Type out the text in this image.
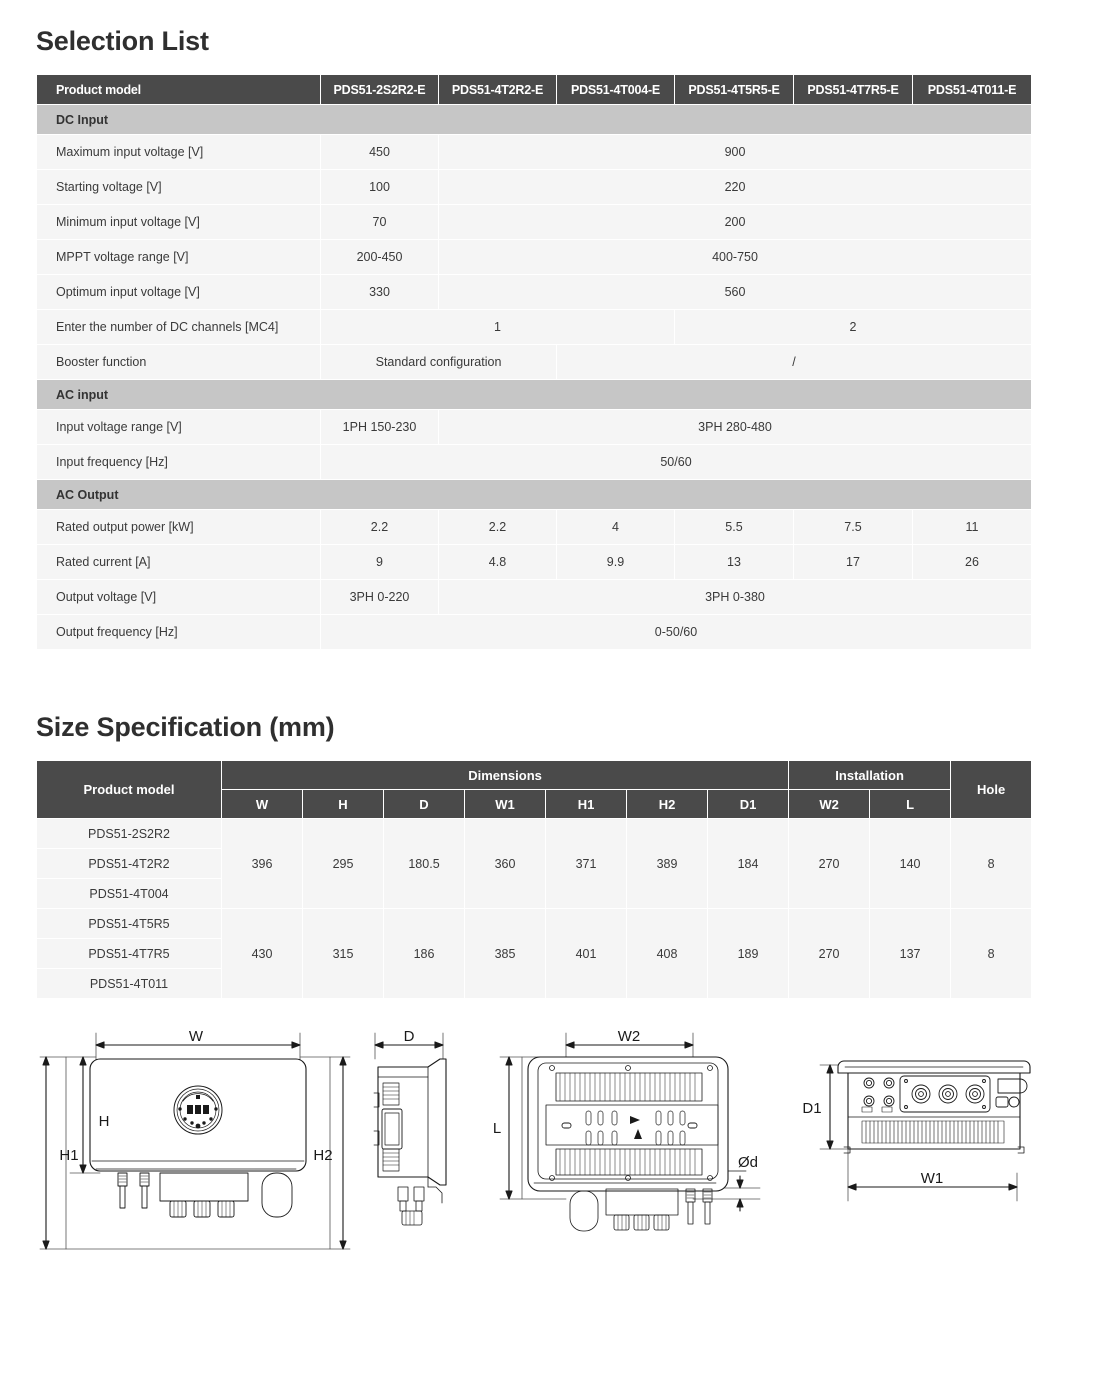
Selection List
Product model	PDS51-2S2R2-E	PDS51-4T2R2-E	PDS51-4T004-E	PDS51-4T5R5-E	PDS51-4T7R5-E	PDS51-4T011-E
DC Input						
Maximum input voltage [V]	450	900				
Starting voltage [V]	100	220				
Minimum input voltage [V]	70	200				
MPPT voltage range [V]	200-450	400-750				
Optimum input voltage [V]	330	560				
Enter the number of DC channels [MC4]	1			2		
Booster function	Standard configuration		/			
AC input						
Input voltage range [V]	1PH 150-230	3PH 280-480				
Input frequency [Hz]	50/60					
AC Output						
Rated output power [kW]	2.2	2.2	4	5.5	7.5	11
Rated current [A]	9	4.8	9.9	13	17	26
Output voltage [V]	3PH 0-220	3PH 0-380				
Output frequency [Hz]	0-50/60					
Size Specification (mm)
Product model	Dimensions							Installation		Hole
	W	H	D	W1	H1	H2	D1	W2	L	
PDS51-2S2R2	396	295	180.5	360	371	389	184	270	140	8
PDS51-4T2R2										
PDS51-4T004										
PDS51-4T5R5	430	315	186	385	401	408	189	270	137	8
PDS51-4T7R5										
PDS51-4T011										
W
H1
H
H2
D	W2
L
Ød
D1
W1
